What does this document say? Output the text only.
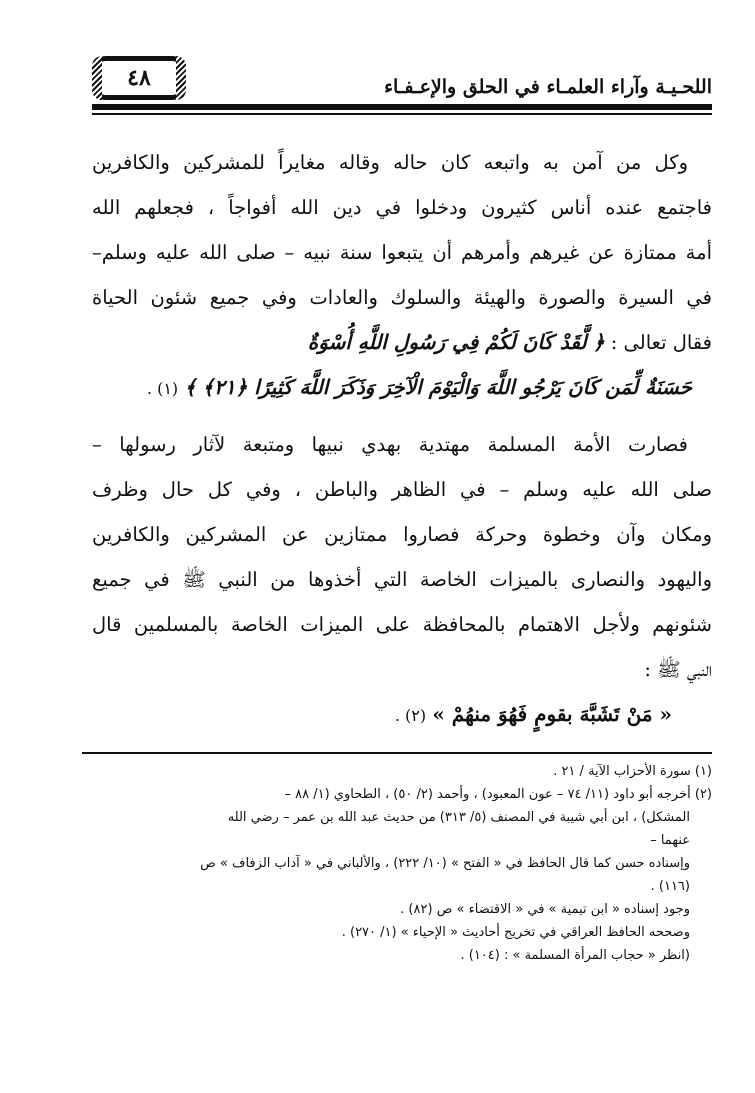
٤٨	اللحـيـة وآراء العلمـاء في الحلق والإعـفـاء
وكل من آمن به واتبعه كان حاله وقاله مغايراً للمشركين والكافرين
فاجتمع عنده أناس كثيرون ودخلوا في دين الله أفواجاً ، فجعلهم الله
أمة ممتازة عن غيرهم وأمرهم أن يتبعوا سنة نبيه – صلى الله عليه وسلم–
في السيرة والصورة والهيئة والسلوك والعادات وفي جميع شئون الحياة
فقال تعالى : ﴿ لَّقَدْ كَانَ لَكُمْ فِي رَسُولِ اللَّهِ أُسْوَةٌ
حَسَنَةٌ لِّمَن كَانَ يَرْجُو اللَّهَ وَالْيَوْمَ الْآخِرَ وَذَكَرَ اللَّهَ كَثِيرًا ﴿٢١﴾ ﴾ (١) .
فصارت الأمة المسلمة مهتدية بهدي نبيها ومتبعة لآثار رسولها –
صلى الله عليه وسلم – في الظاهر والباطن ، وفي كل حال وظرف
ومكان وآن وخطوة وحركة فصاروا ممتازين عن المشركين والكافرين
واليهود والنصارى بالميزات الخاصة التي أخذوها من النبي ﷺ في جميع
شئونهم ولأجل الاهتمام بالمحافظة على الميزات الخاصة بالمسلمين قال
النبي ﷺ :
« مَنْ تَشَبَّهَ بقومٍ فَهُوَ منهُمْ » (٢) .
(١) سورة الأحزاب الآية / ٢١ .
(٢) أخرجه أبو داود (١١/ ٧٤ – عون المعبود) ، وأحمد (٢/ ٥٠) ، الطحاوي (١/ ٨٨ –
المشكل) ، ابن أبي شيبة في المصنف (٥/ ٣١٣) من حديث عبد الله بن عمر – رضي الله
عنهما –
وإسناده حسن كما قال الحافظ في « الفتح » (١٠/ ٢٢٢) ، والألباني في « آداب الزفاف » ص
(١١٦) .
وجود إسناده « ابن تيمية » في « الاقتضاء » ص (٨٢) .
وصححه الحافظ العراقي في تخريج أحاديث « الإحياء » (١/ ٢٧٠) .
(انظر « حجاب المرأة المسلمة » : (١٠٤) .
